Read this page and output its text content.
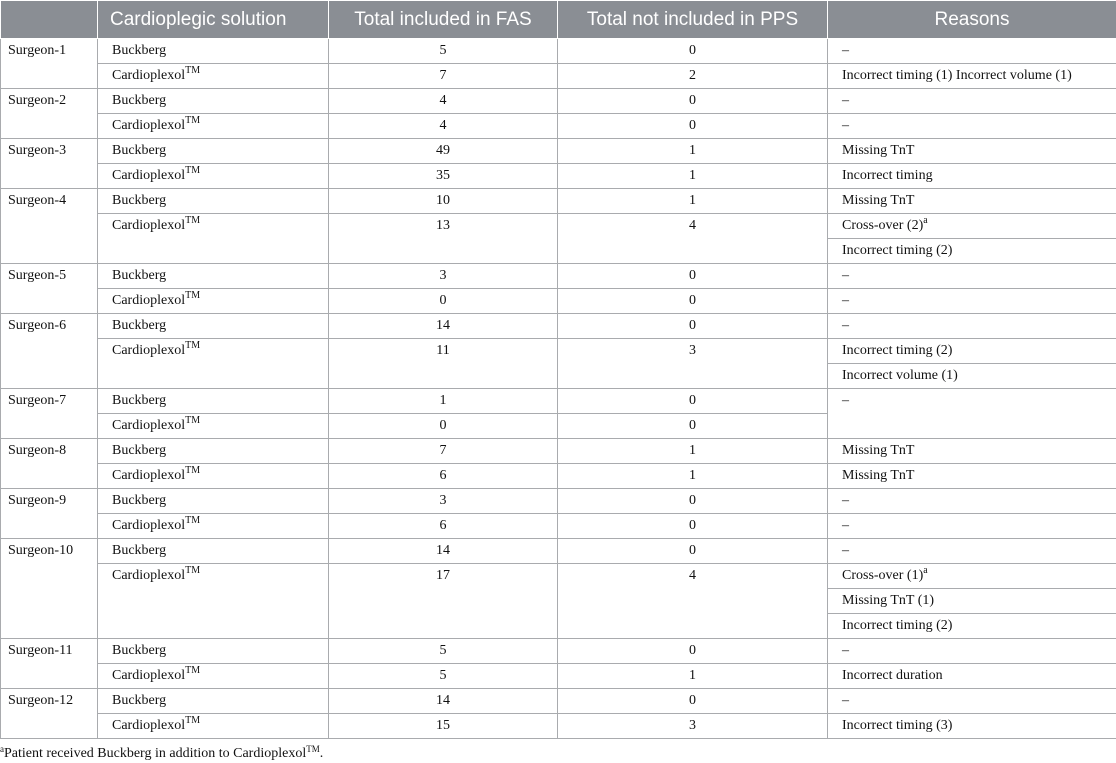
	Cardioplegic solution	Total included in FAS	Total not included in PPS	Reasons
Surgeon-1	Buckberg	5	0	–
	Cardioplexol™	7	2	Incorrect timing (1) Incorrect volume (1)
Surgeon-2	Buckberg	4	0	–
	Cardioplexol™	4	0	–
Surgeon-3	Buckberg	49	1	Missing TnT
	Cardioplexol™	35	1	Incorrect timing
Surgeon-4	Buckberg	10	1	Missing TnT
	Cardioplexol™	13	4	Cross-over $(2)^a$
				Incorrect timing (2)
Surgeon-5	Buckberg	3	0	–
	Cardioplexol™	0	0	–
Surgeon-6	Buckberg	14	0	–
	Cardioplexol™	11	3	Incorrect timing (2)
				Incorrect volume (1)
Surgeon-7	Buckberg	1	0	–
	Cardioplexol™	0	0	
Surgeon-8	Buckberg	7	1	Missing TnT
	Cardioplexol™	6	1	Missing TnT
Surgeon-9	Buckberg	3	0	–
	Cardioplexol™	6	0	–
Surgeon-10	Buckberg	14	0	–
	Cardioplexol™	17	4	Cross-over $(1)^a$
				Missing TnT (1)
				Incorrect timing (2)
Surgeon-11	Buckberg	5	0	–
	Cardioplexol™	5	1	Incorrect duration
Surgeon-12	Buckberg	14	0	–
	Cardioplexol™	15	3	Incorrect timing (3)
$^a$Patient received Buckberg in addition to Cardioplexol™.
